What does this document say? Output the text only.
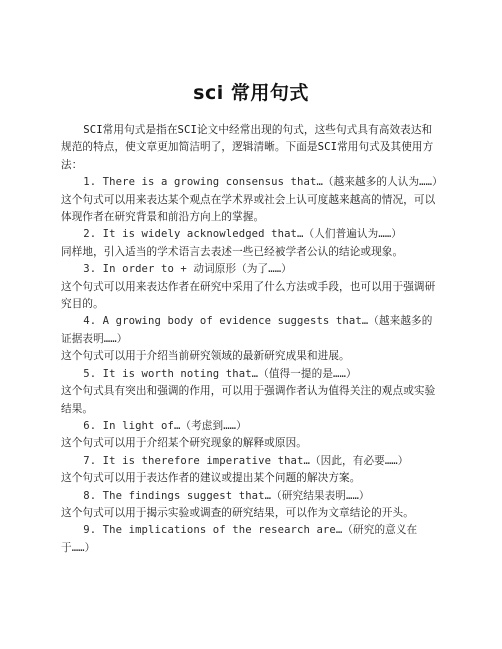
sci 常用句式

SCI常用句式是指在SCI论文中经常出现的句式，这些句式具有高效表达和规范的特点，使文章更加简洁明了，逻辑清晰。下面是SCI常用句式及其使用方法：

1. There is a growing consensus that…（越来越多的人认为……）

这个句式可以用来表达某个观点在学术界或社会上认可度越来越高的情况，可以体现作者在研究背景和前沿方向上的掌握。

2. It is widely acknowledged that…（人们普遍认为……）

同样地，引入适当的学术语言去表述一些已经被学者公认的结论或现象。

3. In order to + 动词原形（为了……）

这个句式可以用来表达作者在研究中采用了什么方法或手段，也可以用于强调研究目的。

4. A growing body of evidence suggests that…（越来越多的证据表明……）

这个句式可以用于介绍当前研究领域的最新研究成果和进展。

5. It is worth noting that…（值得一提的是……）

这个句式具有突出和强调的作用，可以用于强调作者认为值得关注的观点或实验结果。

6. In light of…（考虑到……）

这个句式可以用于介绍某个研究现象的解释或原因。

7. It is therefore imperative that…（因此，有必要……）

这个句式可以用于表达作者的建议或提出某个问题的解决方案。

8. The findings suggest that…（研究结果表明……）

这个句式可以用于揭示实验或调查的研究结果，可以作为文章结论的开头。

9. The implications of the research are…（研究的意义在于……）
